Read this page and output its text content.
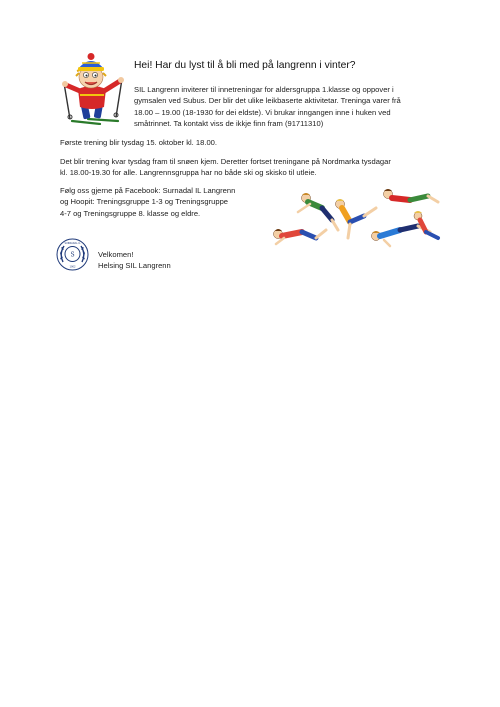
Hei! Har du lyst til å bli med på langrenn i vinter?
SIL Langrenn inviterer til innetreningar for aldersgruppa 1.klasse og oppover i
gymsalen ved Subus. Der blir det ulike leikbaserte aktivitetar. Treninga varer frå
18.00 – 19.00 (18-1930 for dei eldste). Vi brukar inngangen inne i huken ved
småtrinnet. Ta kontakt viss de ikkje finn fram (91711310)
Første trening blir tysdag 15. oktober kl. 18.00.
Det blir trening kvar tysdag fram til snøen kjem. Deretter fortset treningane på Nordmarka tysdagar
kl. 18.00-19.30 for alle. Langrennsgruppa har no både ski og skisko til utleie.
Følg oss gjerne på Facebook: Surnadal IL Langrenn
og Hoopit: Treningsgruppe 1-3 og Treningsgruppe
4-7 og Treningsgruppe 8. klasse og eldre.
S
SURNADAL IL
1902
Velkomen!
Helsing SIL Langrenn
